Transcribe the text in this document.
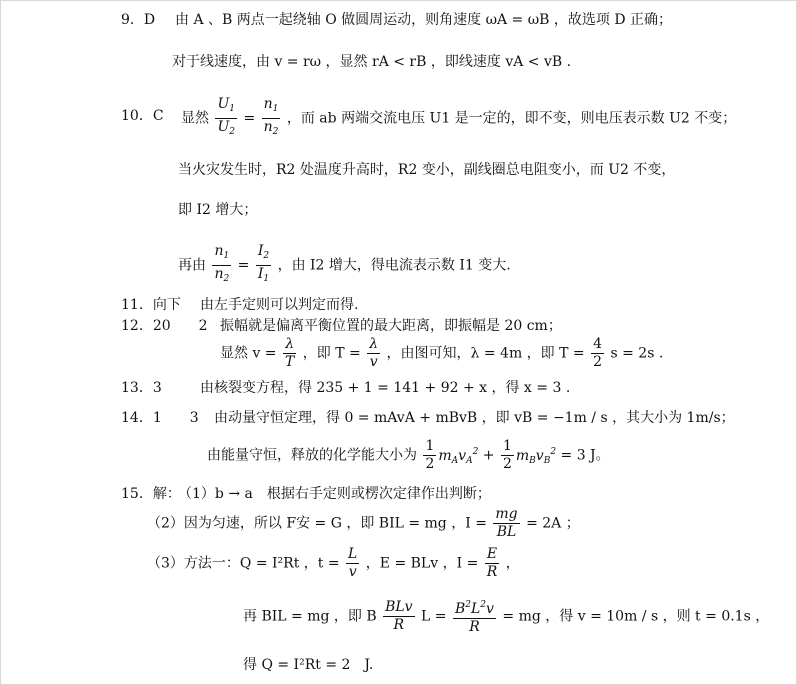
9．D 由 A 、B 两点一起绕轴 O 做圆周运动，则角速度 ωA = ωB ，故选项 D 正确；
对于线速度，由 v = rω ，显然 rA < rB ，即线速度 vA < vB .
10．C 显然 $\frac{U_1}{U_2} = \frac{n_1}{n_2}$ ，而 ab 两端交流电压 U1 是一定的，即不变，则电压表示数 U2 不变；
当火灾发生时，R2 处温度升高时，R2 变小，副线圈总电阻变小，而 U2 不变，
即 I2 增大；
再由 $\frac{n_1}{n_2} = \frac{I_2}{I_1}$ ，由 I2 增大，得电流表示数 I1 变大.
11．向下 由左手定则可以判定而得.
12．20　　2 振幅就是偏离平衡位置的最大距离，即振幅是 20 cm；
显然 $v = \frac{\lambda}{T}$ ，即 $T = \frac{\lambda}{v}$ ，由图可知，λ = 4m ，即 $T = \frac{4}{2}$ s = 2s .
13．3	由核裂变方程，得 235 + 1 = 141 + 92 + x ，得 x = 3 .
14．1　　3 由动量守恒定理，得 0 = mAvA + mBvB ，即 vB = −1m / s ，其大小为 1m/s；
由能量守恒，释放的化学能大小为 $\frac{1}{2} m_Av_A^2 + \frac{1}{2} m_Bv_B^2 = 3$ J。
15．解：
（1）b → a　根据右手定则或楞次定律作出判断；
（2）因为匀速，所以 F安 = G ，即 BIL = mg ，$I = \frac{mg}{BL} = 2A$ ；
（3）方法一：Q = I²Rt ，$t = \frac{L}{v}$ ，E = BLv ，$I = \frac{E}{R}$ ，
再 BIL = mg ，即 B $\frac{\text{BLv}}{R}$ $L = \frac{B^2L^2v}{R}$ = mg ，得 v = 10m / s ，则 t = 0.1s ，
得 Q = I²Rt = 2　J.
